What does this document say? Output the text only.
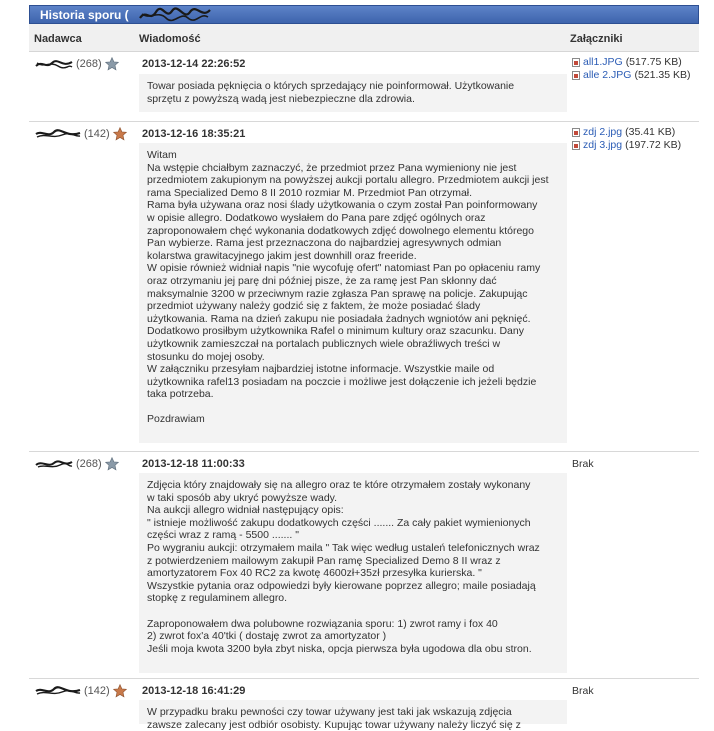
Historia sporu (
Nadawca	Wiadomość	Załączniki
(268)	2013-12-14 22:26:52
Towar posiada pęknięcia o których sprzedający nie poinformował. Użytkowanie
sprzętu z powyższą wadą jest niebezpieczne dla zdrowia.
all1.JPG (517.75 KB)
alle 2.JPG (521.35 KB)
(142)	2013-12-16 18:35:21
Witam
Na wstępie chciałbym zaznaczyć, że przedmiot przez Pana wymieniony nie jest
przedmiotem zakupionym na powyższej aukcji portalu allegro. Przedmiotem aukcji jest
rama Specialized Demo 8 II 2010 rozmiar M. Przedmiot Pan otrzymał.
Rama była używana oraz nosi ślady użytkowania o czym został Pan poinformowany
w opisie allegro. Dodatkowo wysłałem do Pana pare zdjęć ogólnych oraz
zaproponowałem chęć wykonania dodatkowych zdjęć dowolnego elementu którego
Pan wybierze. Rama jest przeznaczona do najbardziej agresywnych odmian
kolarstwa grawitacyjnego jakim jest downhill oraz freeride.
W opisie również widniał napis "nie wycofuję ofert" natomiast Pan po opłaceniu ramy
oraz otrzymaniu jej parę dni później pisze, że za ramę jest Pan skłonny dać
maksymalnie 3200 w przeciwnym razie zgłasza Pan sprawę na policje. Zakupując
przedmiot używany należy godzić się z faktem, że może posiadać ślady
użytkowania. Rama na dzień zakupu nie posiadała żadnych wgniotów ani pęknięć.
Dodatkowo prosiłbym użytkownika Rafel o minimum kultury oraz szacunku. Dany
użytkownik zamieszczał na portalach publicznych wiele obraźliwych treści w
stosunku do mojej osoby.
W załączniku przesyłam najbardziej istotne informacje. Wszystkie maile od
użytkownika rafel13 posiadam na poczcie i możliwe jest dołączenie ich jeżeli będzie
taka potrzeba.

Pozdrawiam
zdj 2.jpg (35.41 KB)
zdj 3.jpg (197.72 KB)
(268)	2013-12-18 11:00:33
Zdjęcia który znajdowały się na allegro oraz te które otrzymałem zostały wykonany
w taki sposób aby ukryć powyższe wady.
Na aukcji allegro widniał następujący opis:
" istnieje możliwość zakupu dodatkowych części ....... Za cały pakiet wymienionych
części wraz z ramą - 5500 ....... "
Po wygraniu aukcji: otrzymałem maila " Tak więc według ustaleń telefonicznych wraz
z potwierdzeniem mailowym zakupił Pan ramę Specialized Demo 8 II wraz z
amortyzatorem Fox 40 RC2 za kwotę 4600zł+35zł przesyłka kurierska. "
Wszystkie pytania oraz odpowiedzi były kierowane poprzez allegro; maile posiadają
stopkę z regulaminem allegro.

Zaproponowałem dwa polubowne rozwiązania sporu: 1) zwrot ramy i fox 40
2) zwrot fox'a 40'tki ( dostaję zwrot za amortyzator )
Jeśli moja kwota 3200 była zbyt niska, opcja pierwsza była ugodowa dla obu stron.
Brak
(142)	2013-12-18 16:41:29
W przypadku braku pewności czy towar używany jest taki jak wskazują zdjęcia
zawsze zalecany jest odbiór osobisty. Kupując towar używany należy liczyć się z
Brak
